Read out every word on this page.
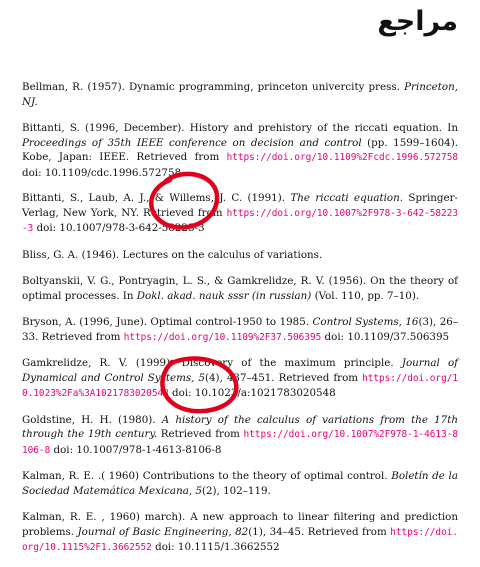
مراجع
Bellman, R. (1957). Dynamic programming, princeton univercity press. Princeton, NJ.
Bittanti, S. (1996, December). History and prehistory of the riccati equation. In Proceedings of 35th IEEE conference on decision and control (pp. 1599–1604). Kobe, Japan: IEEE. Retrieved from https://doi.org/10.1109%2Fcdc.1996.572758 doi: 10.1109/cdc.1996.572758
Bittanti, S., Laub, A. J., & Willems, J. C. (1991). The riccati equation. Springer-Verlag, New York, NY. Retrieved from https://doi.org/10.1007%2F978-3-642-58223-3 doi: 10.1007/978-3-642-58223-3
Bliss, G. A. (1946). Lectures on the calculus of variations.
Boltyanskii, V. G., Pontryagin, L. S., & Gamkrelidze, R. V. (1956). On the theory of optimal processes. In Dokl. akad. nauk sssr (in russian) (Vol. 110, pp. 7–10).
Bryson, A. (1996, June). Optimal control-1950 to 1985. Control Systems, 16(3), 26–33. Retrieved from https://doi.org/10.1109%2F37.506395 doi: 10.1109/37.506395
Gamkrelidze, R. V. (1999). Discovery of the maximum principle. Journal of Dynamical and Control Systems, 5(4), 437–451. Retrieved from https://doi.org/10.1023%2Fa%3A1021783020548 doi: 10.1023/a:1021783020548
Goldstine, H. H. (1980). A history of the calculus of variations from the 17th through the 19th century. Retrieved from https://doi.org/10.1007%2F978-1-4613-8106-8 doi: 10.1007/978-1-4613-8106-8
Kalman, R. E. .( 1960) Contributions to the theory of optimal control. Boletín de la Sociedad Matemática Mexicana, 5(2), 102–119.
Kalman, R. E. , 1960) march). A new approach to linear filtering and prediction problems. Journal of Basic Engineering, 82(1), 34–45. Retrieved from https://doi.org/10.1115%2F1.3662552 doi: 10.1115/1.3662552
